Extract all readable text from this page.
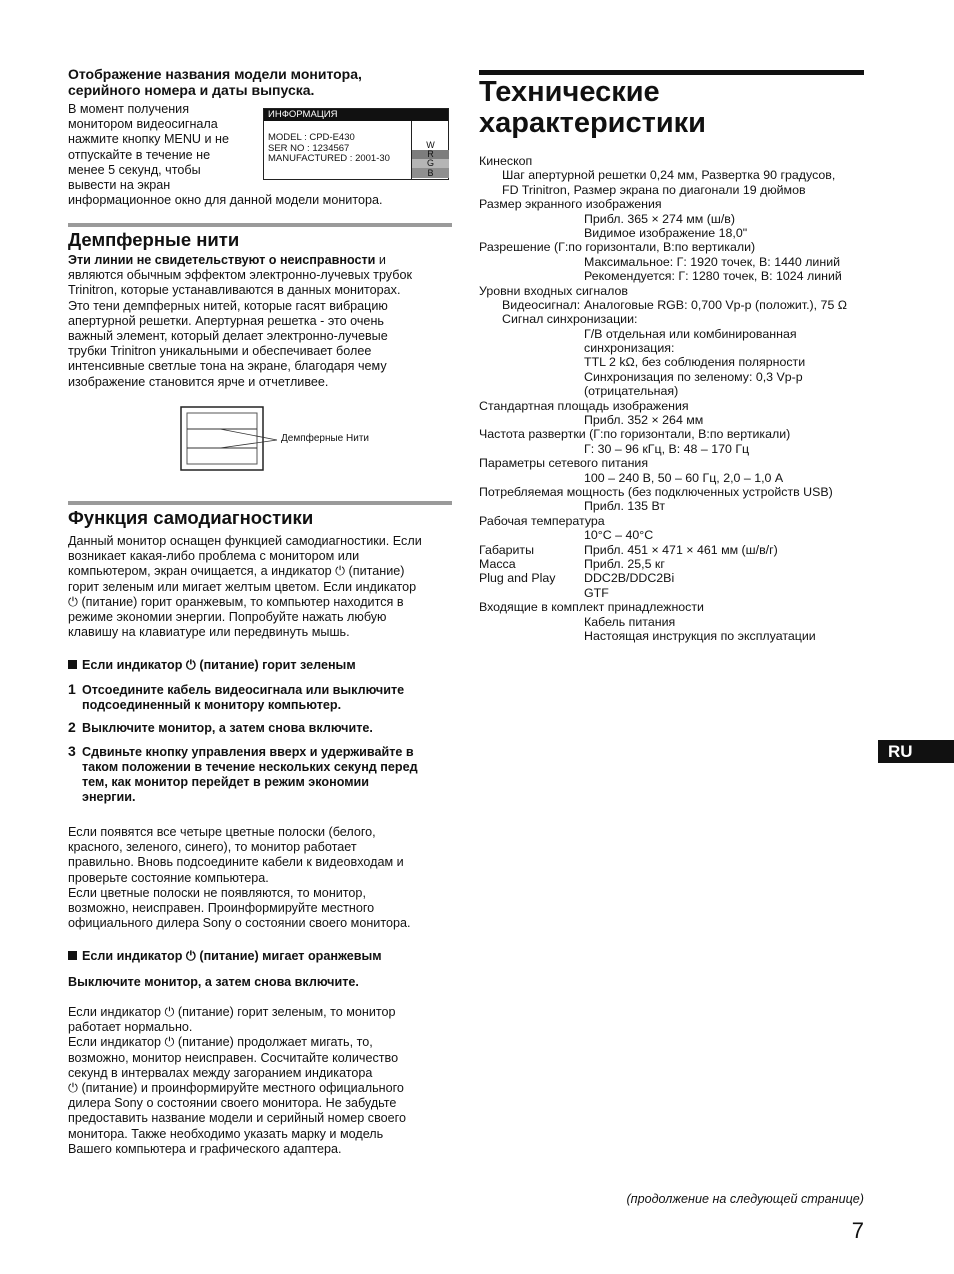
Отображение названия модели монитора, серийного номера и даты выпуска.
В момент получения
монитором видеосигнала
нажмите кнопку MENU и не
отпускайте в течение не
менее 5 секунд, чтобы
вывести на экран
информационное окно для данной модели монитора.
ИНФОРМАЦИЯ
MODEL : CPD-E430
SER NO : 1234567
MANUFACTURED : 2001-30
W
R
G
B
Демпферные нити
Эти линии не свидетельствуют о неисправности и
являются обычным эффектом электронно-лучевых трубок
Trinitron, которые устанавливаются в данных мониторах.
Это тени демпферных нитей, которые гасят вибрацию
апертурной решетки. Апертурная решетка - это очень
важный элемент, который делает электронно-лучевые
трубки Trinitron уникальными и обеспечивает более
интенсивные светлые тона на экране, благодаря чему
изображение становится ярче и отчетливее.
Демпферные Нити
Функция самодиагностики
Данный монитор оснащен функцией самодиагностики. Если
возникает какая-либо проблема с монитором или
компьютером, экран очищается, а индикатор ⏻ (питание)
горит зеленым или мигает желтым цветом. Если индикатор
⏻ (питание) горит оранжевым, то компьютер находится в
режиме экономии энергии. Попробуйте нажать любую
клавишу на клавиатуре или передвинуть мышь.
Если индикатор ⏻ (питание) горит зеленым
1 Отсоедините кабель видеосигнала или выключите
подсоединенный к монитору компьютер.
2 Выключите монитор, а затем снова включите.
3 Сдвиньте кнопку управления вверх и удерживайте в
таком положении в течение нескольких секунд перед
тем, как монитор перейдет в режим экономии
энергии.
Если появятся все четыре цветные полоски (белого,
красного, зеленого, синего), то монитор работает
правильно. Вновь подсоедините кабели к видеовходам и
проверьте состояние компьютера.
Если цветные полоски не появляются, то монитор,
возможно, неисправен. Проинформируйте местного
официального дилера Sony о состоянии своего монитора.
Если индикатор ⏻ (питание) мигает оранжевым
Выключите монитор, а затем снова включите.
Если индикатор ⏻ (питание) горит зеленым, то монитор
работает нормально.
Если индикатор ⏻ (питание) продолжает мигать, то,
возможно, монитор неисправен. Сосчитайте количество
секунд в интервалах между загоранием индикатора
⏻ (питание) и проинформируйте местного официального
дилера Sony о состоянии своего монитора. Не забудьте
предоставить название модели и серийный номер своего
монитора. Также необходимо указать марку и модель
Вашего компьютера и графического адаптера.
Технические
характеристики
Кинескоп
Шаг апертурной решетки 0,24 мм, Развертка 90 градусов,
FD Trinitron, Размер экрана по диагонали 19 дюймов
Размер экранного изображения
Прибл. 365 × 274 мм (ш/в)
Видимое изображение 18,0"
Разрешение (Г:по горизонтали, В:по вертикали)
Максимальное: Г: 1920 точек, В: 1440 линий
Рекомендуется: Г: 1280 точек, В: 1024 линий
Уровни входных сигналов
Видеосигнал: Аналоговые RGB: 0,700 Vp-p (положит.), 75 Ω
Сигнал синхронизации:
Г/В отдельная или комбинированная
синхронизация:
TTL 2 kΩ, без соблюдения полярности
Синхронизация по зеленому: 0,3 Vp-p
(отрицательная)
Стандартная площадь изображения
Прибл. 352 × 264 мм
Частота развертки (Г:по горизонтали, В:по вертикали)
Г: 30 – 96 кГц, В: 48 – 170 Гц
Параметры сетевого питания
100 – 240 В, 50 – 60 Гц, 2,0 – 1,0 А
Потребляемая мощность (без подключенных устройств USB)
Прибл. 135 Вт
Рабочая температура
10°C – 40°C
Габариты	Прибл. 451 × 471 × 461 мм (ш/в/г)
Масса	Прибл. 25,5 кг
Plug and Play DDC2B/DDC2Bi
GTF
Входящие в комплект принадлежности
Кабель питания
Настоящая инструкция по эксплуатации
RU
(продолжение на следующей странице)
7
